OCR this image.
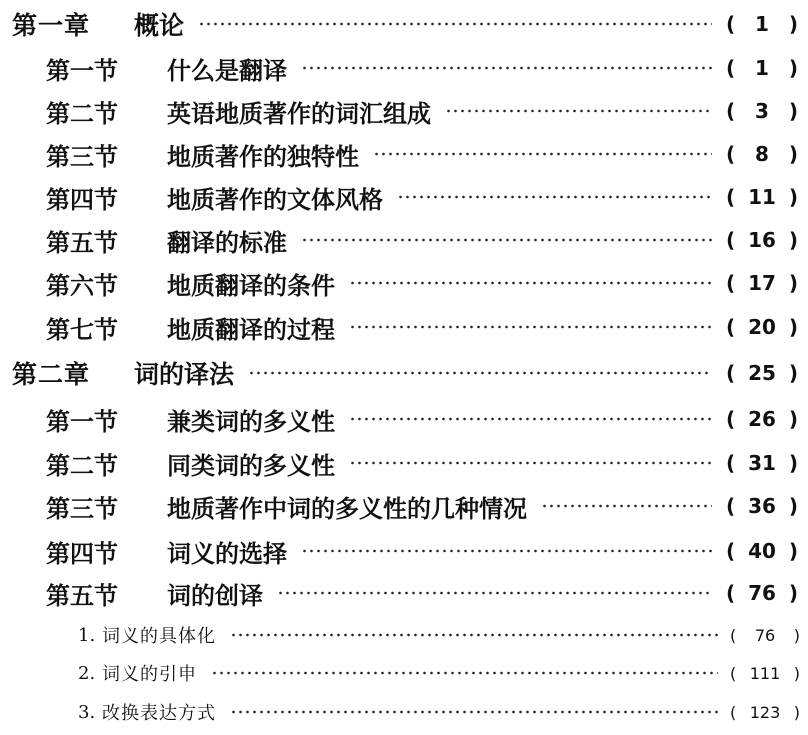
第一章	概论	( 1 )
第一节	什么是翻译	( 1 )
第二节	英语地质著作的词汇组成	( 3 )
第三节	地质著作的独特性	( 8 )
第四节	地质著作的文体风格	( 11 )
第五节	翻译的标准	( 16 )
第六节	地质翻译的条件	( 17 )
第七节	地质翻译的过程	( 20 )
第二章	词的译法	( 25 )
第一节	兼类词的多义性	( 26 )
第二节	同类词的多义性	( 31 )
第三节	地质著作中词的多义性的几种情况	( 36 )
第四节	词义的选择	( 40 )
第五节	词的创译	( 76 )
1. 词义的具体化	(	76	)
2. 词义的引申	( 111 )
3. 改换表达方式	( 123 )
